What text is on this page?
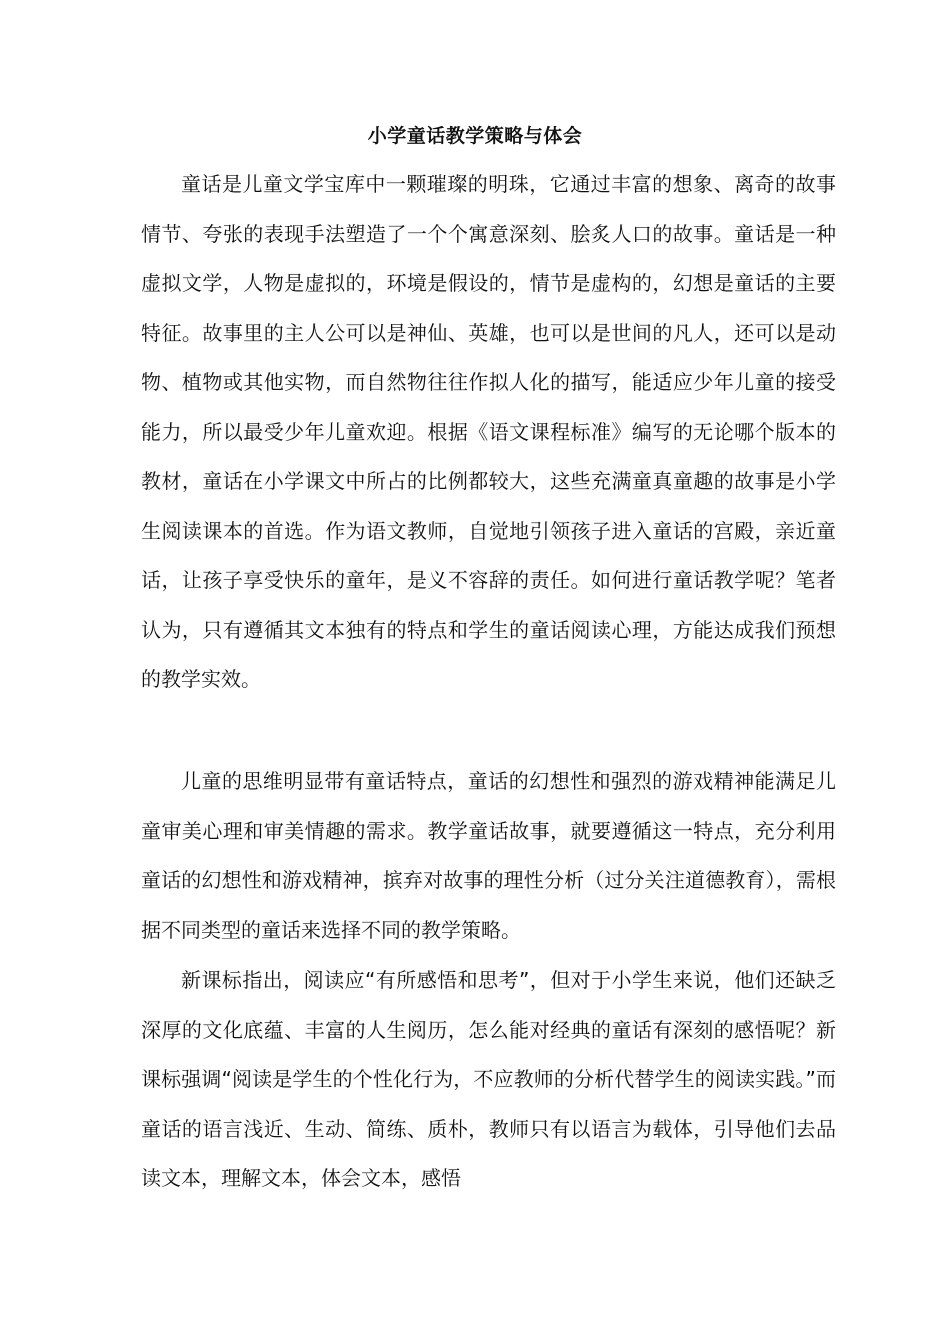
小学童话教学策略与体会

童话是儿童文学宝库中一颗璀璨的明珠，它通过丰富的想象、离奇的故事情节、夸张的表现手法塑造了一个个寓意深刻、脍炙人口的故事。童话是一种虚拟文学，人物是虚拟的，环境是假设的，情节是虚构的，幻想是童话的主要特征。故事里的主人公可以是神仙、英雄，也可以是世间的凡人，还可以是动物、植物或其他实物，而自然物往往作拟人化的描写，能适应少年儿童的接受能力，所以最受少年儿童欢迎。根据《语文课程标准》编写的无论哪个版本的教材，童话在小学课文中所占的比例都较大，这些充满童真童趣的故事是小学生阅读课本的首选。作为语文教师，自觉地引领孩子进入童话的宫殿，亲近童话，让孩子享受快乐的童年，是义不容辞的责任。如何进行童话教学呢？笔者认为，只有遵循其文本独有的特点和学生的童话阅读心理，方能达成我们预想的教学实效。

儿童的思维明显带有童话特点，童话的幻想性和强烈的游戏精神能满足儿童审美心理和审美情趣的需求。教学童话故事，就要遵循这一特点，充分利用童话的幻想性和游戏精神，摈弃对故事的理性分析（过分关注道德教育），需根据不同类型的童话来选择不同的教学策略。

新课标指出，阅读应“有所感悟和思考”，但对于小学生来说，他们还缺乏深厚的文化底蕴、丰富的人生阅历，怎么能对经典的童话有深刻的感悟呢？新课标强调“阅读是学生的个性化行为，不应教师的分析代替学生的阅读实践。”而童话的语言浅近、生动、简练、质朴，教师只有以语言为载体，引导他们去品读文本，理解文本，体会文本，感悟
